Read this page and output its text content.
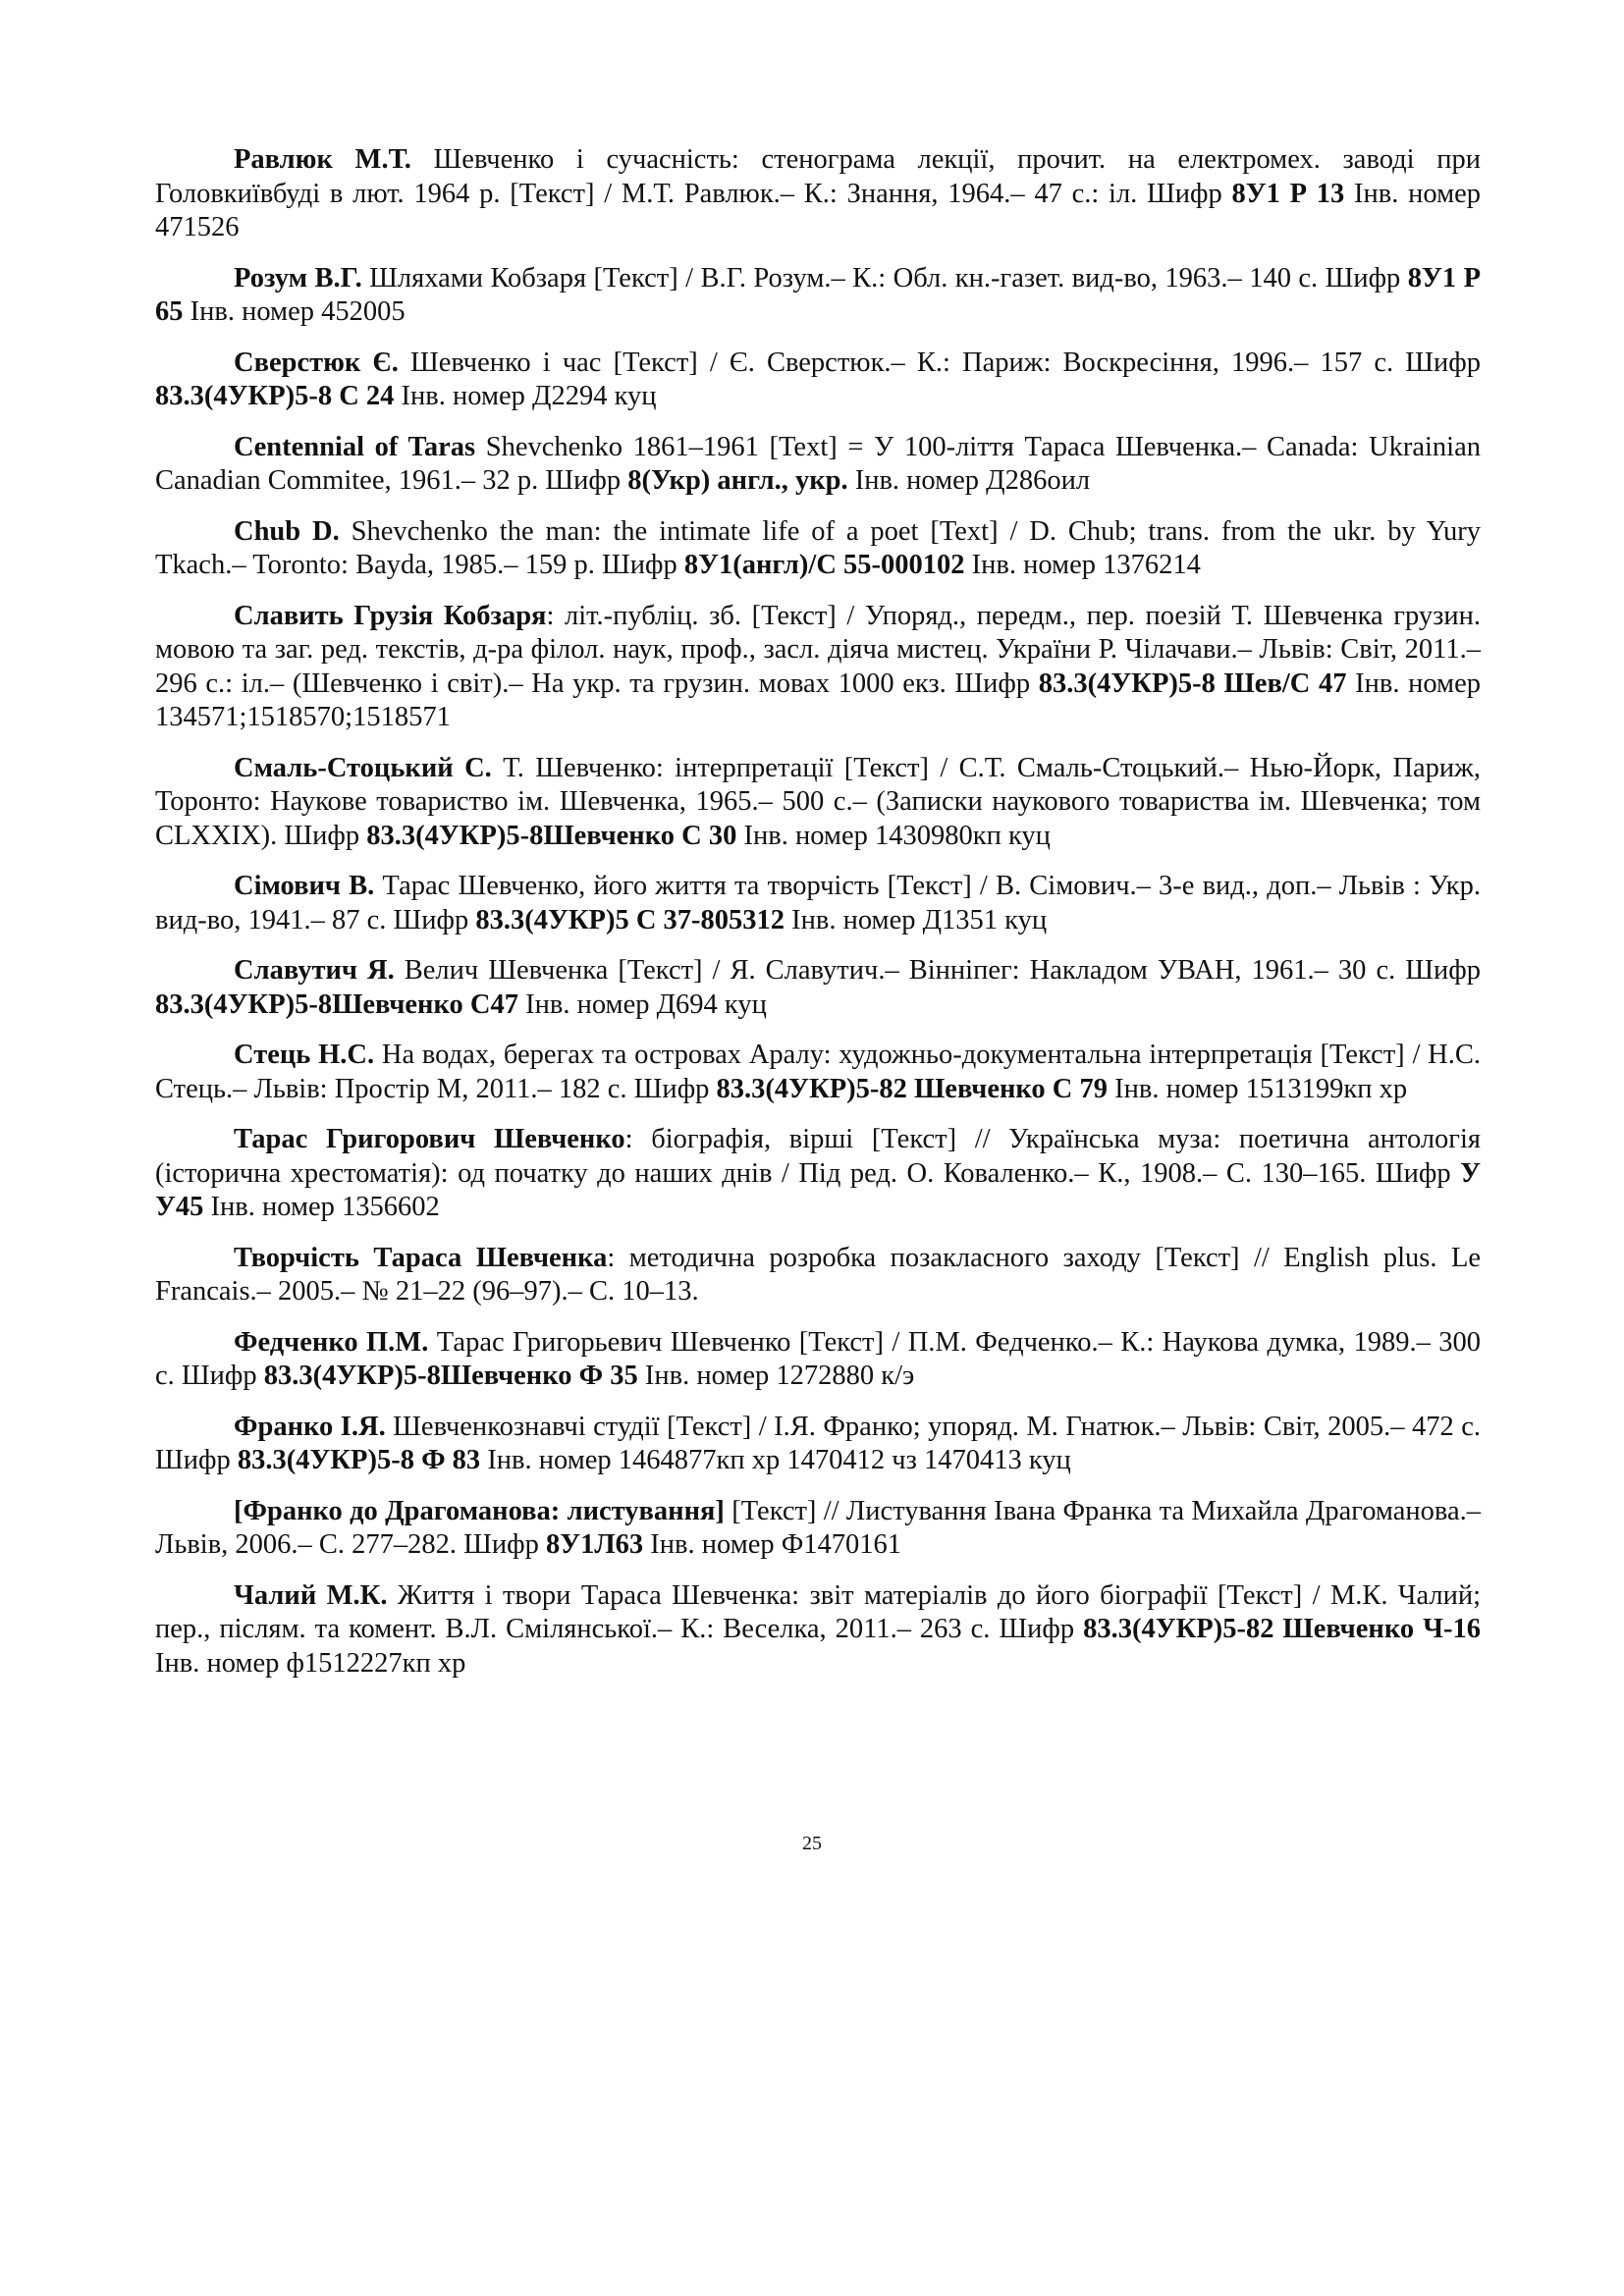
Равлюк М.Т. Шевченко і сучасність: стенограма лекції, прочит. на електромех. заводі при Головкиївбуді в лют. 1964 р. [Текст] / М.Т. Равлюк.– К.: Знання, 1964.– 47 с.: іл. Шифр 8У1 Р 13 Інв. номер 471526

Розум В.Г. Шляхами Кобзаря [Текст] / В.Г. Розум.– К.: Обл. кн.-газет. вид-во, 1963.– 140 с. Шифр 8У1 Р 65 Інв. номер 452005

Сверстюк Є. Шевченко і час [Текст] / Є. Сверстюк.– К.: Париж: Воскресіння, 1996.– 157 с. Шифр 83.3(4УКР)5-8 С 24 Інв. номер Д2294 куц

Centennial of Taras Shevchenko 1861–1961 [Text] = У 100-ліття Тараса Шевченка.– Canada: Ukrainian Canadian Commitee, 1961.– 32 p. Шифр 8(Укр) англ., укр. Інв. номер Д286оил

Chub D. Shevchenko the man: the intimate life of a poet [Text] / D. Chub; trans. from the ukr. by Yury Tkach.– Toronto: Bayda, 1985.– 159 p. Шифр 8У1(англ)/С 55-000102 Інв. номер 1376214

Славить Грузія Кобзаря: літ.-публіц. зб. [Текст] / Упоряд., передм., пер. поезій Т. Шевченка грузин. мовою та заг. ред. текстів, д-ра філол. наук, проф., засл. діяча мистец. України Р. Чілачави.– Львів: Світ, 2011.– 296 с.: іл.– (Шевченко і світ).– На укр. та грузин. мовах 1000 екз. Шифр 83.3(4УКР)5-8 Шев/С 47 Інв. номер 134571;1518570;1518571

Смаль-Стоцький С. Т. Шевченко: інтерпретації [Текст] / С.Т. Смаль-Стоцький.– Нью-Йорк, Париж, Торонто: Наукове товариство ім. Шевченка, 1965.– 500 с.– (Записки наукового товариства ім. Шевченка; том CLXXIX). Шифр 83.3(4УКР)5-8Шевченко С 30 Інв. номер 1430980кп куц

Сімович В. Тарас Шевченко, його життя та творчість [Текст] / В. Сімович.– 3-е вид., доп.– Львів : Укр. вид-во, 1941.– 87 с. Шифр 83.3(4УКР)5 С 37-805312 Інв. номер Д1351 куц

Славутич Я. Велич Шевченка [Текст] / Я. Славутич.– Вінніпег: Накладом УВАН, 1961.– 30 с. Шифр 83.3(4УКР)5-8Шевченко С47 Інв. номер Д694 куц

Стець Н.С. На водах, берегах та островах Аралу: художньо-документальна інтерпретація [Текст] / Н.С. Стець.– Львів: Простір М, 2011.– 182 с. Шифр 83.3(4УКР)5-82 Шевченко С 79 Інв. номер 1513199кп хр

Тарас Григорович Шевченко: біографія, вірші [Текст] // Українська муза: поетична антологія (історична хрестоматія): од початку до наших днів / Під ред. О. Коваленко.– К., 1908.– С. 130–165. Шифр У У45 Інв. номер 1356602

Творчість Тараса Шевченка: методична розробка позакласного заходу [Текст] // English plus. Le Francais.– 2005.– № 21–22 (96–97).– С. 10–13.

Федченко П.М. Тарас Григорьевич Шевченко [Текст] / П.М. Федченко.– К.: Наукова думка, 1989.– 300 с. Шифр 83.3(4УКР)5-8Шевченко Ф 35 Інв. номер 1272880 к/э

Франко І.Я. Шевченкознавчі студії [Текст] / І.Я. Франко; упоряд. М. Гнатюк.– Львів: Світ, 2005.– 472 с. Шифр 83.3(4УКР)5-8 Ф 83 Інв. номер 1464877кп хр 1470412 чз 1470413 куц

[Франко до Драгоманова: листування] [Текст] // Листування Івана Франка та Михайла Драгоманова.– Львів, 2006.– С. 277–282. Шифр 8У1Л63 Інв. номер Ф1470161

Чалий М.К. Життя і твори Тараса Шевченка: звіт матеріалів до його біографії [Текст] / М.К. Чалий; пер., післям. та комент. В.Л. Смілянської.– К.: Веселка, 2011.– 263 с. Шифр 83.3(4УКР)5-82 Шевченко Ч-16 Інв. номер ф1512227кп хр

25
